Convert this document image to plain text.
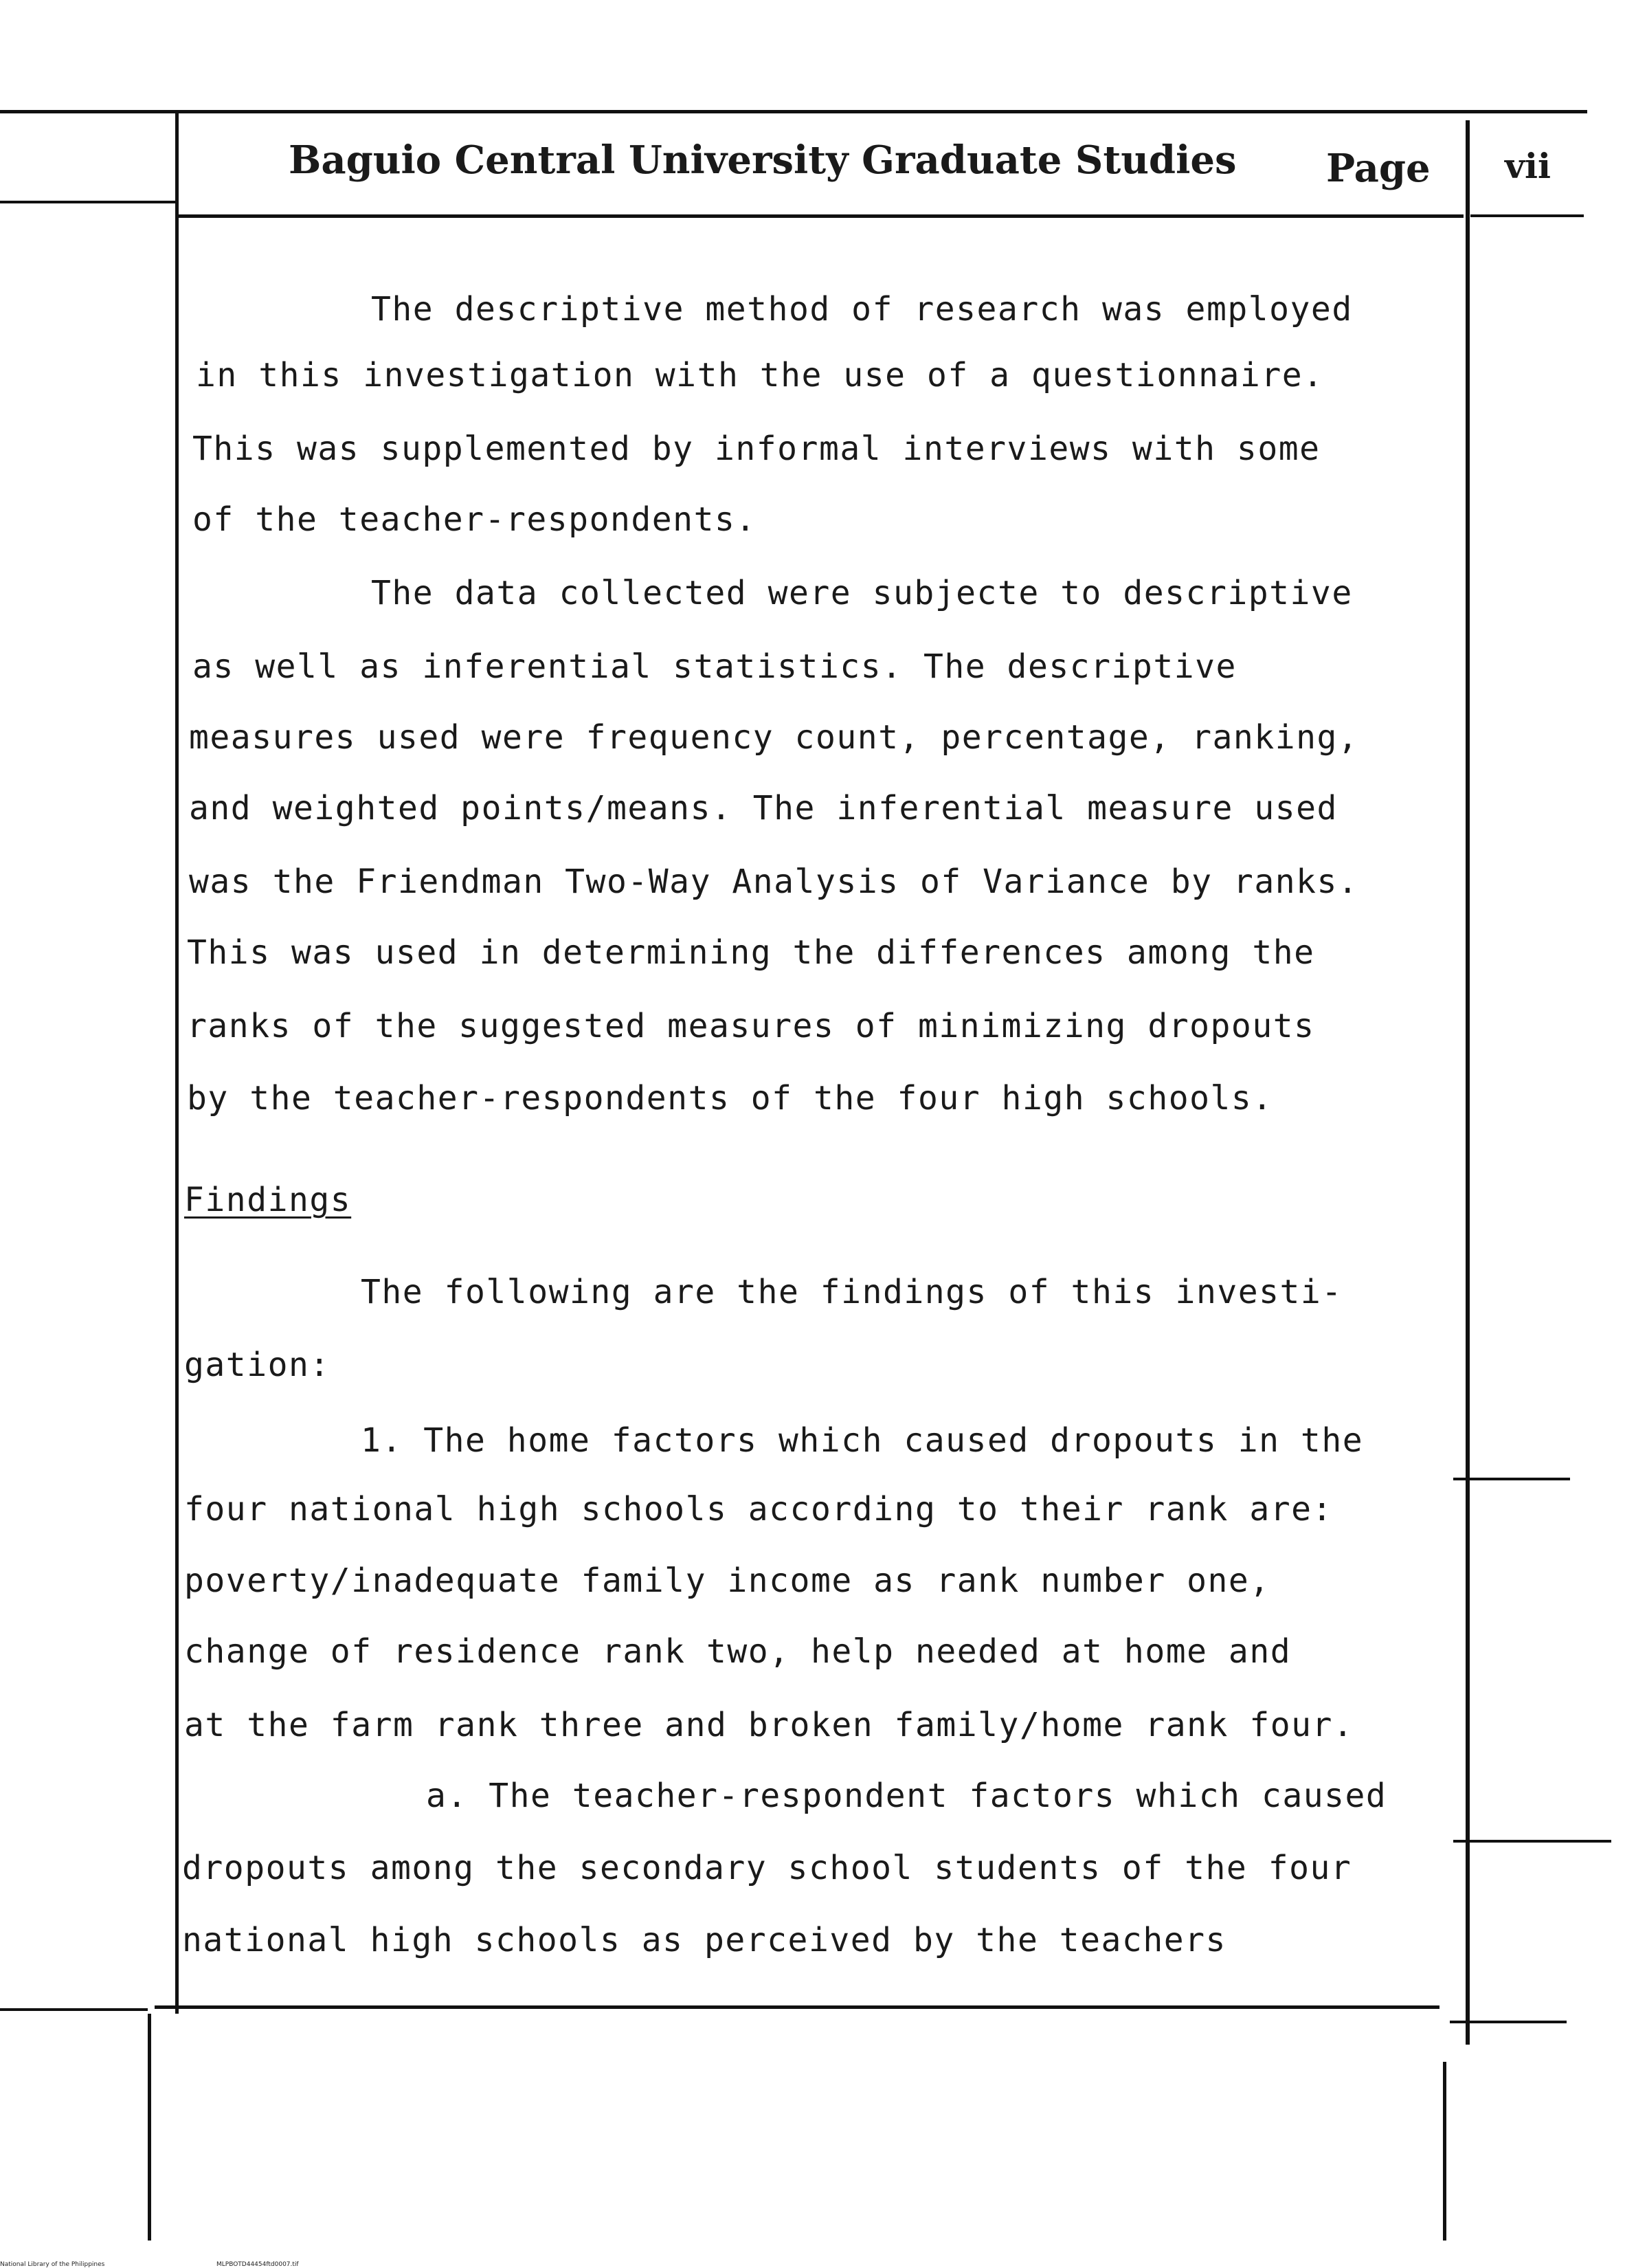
Baguio Central University Graduate Studies Page vii
The descriptive method of research was employed
in this investigation with the use of a questionnaire.
This was supplemented by informal interviews with some
of the teacher-respondents.
The data collected were subjecte to descriptive
as well as inferential statistics. The descriptive
measures used were frequency count, percentage, ranking,
and weighted points/means. The inferential measure used
was the Friendman Two-Way Analysis of Variance by ranks.
This was used in determining the differences among the
ranks of the suggested measures of minimizing dropouts
by the teacher-respondents of the four high schools.
Findings
The following are the findings of this investi-
gation:
1. The home factors which caused dropouts in the
four national high schools according to their rank are:
poverty/inadequate family income as rank number one,
change of residence rank two, help needed at home and
at the farm rank three and broken family/home rank four.
a. The teacher-respondent factors which caused
dropouts among the secondary school students of the four
national high schools as perceived by the teachers
National Library of the Philippines	MLPBOTD44454ftd0007.tif
